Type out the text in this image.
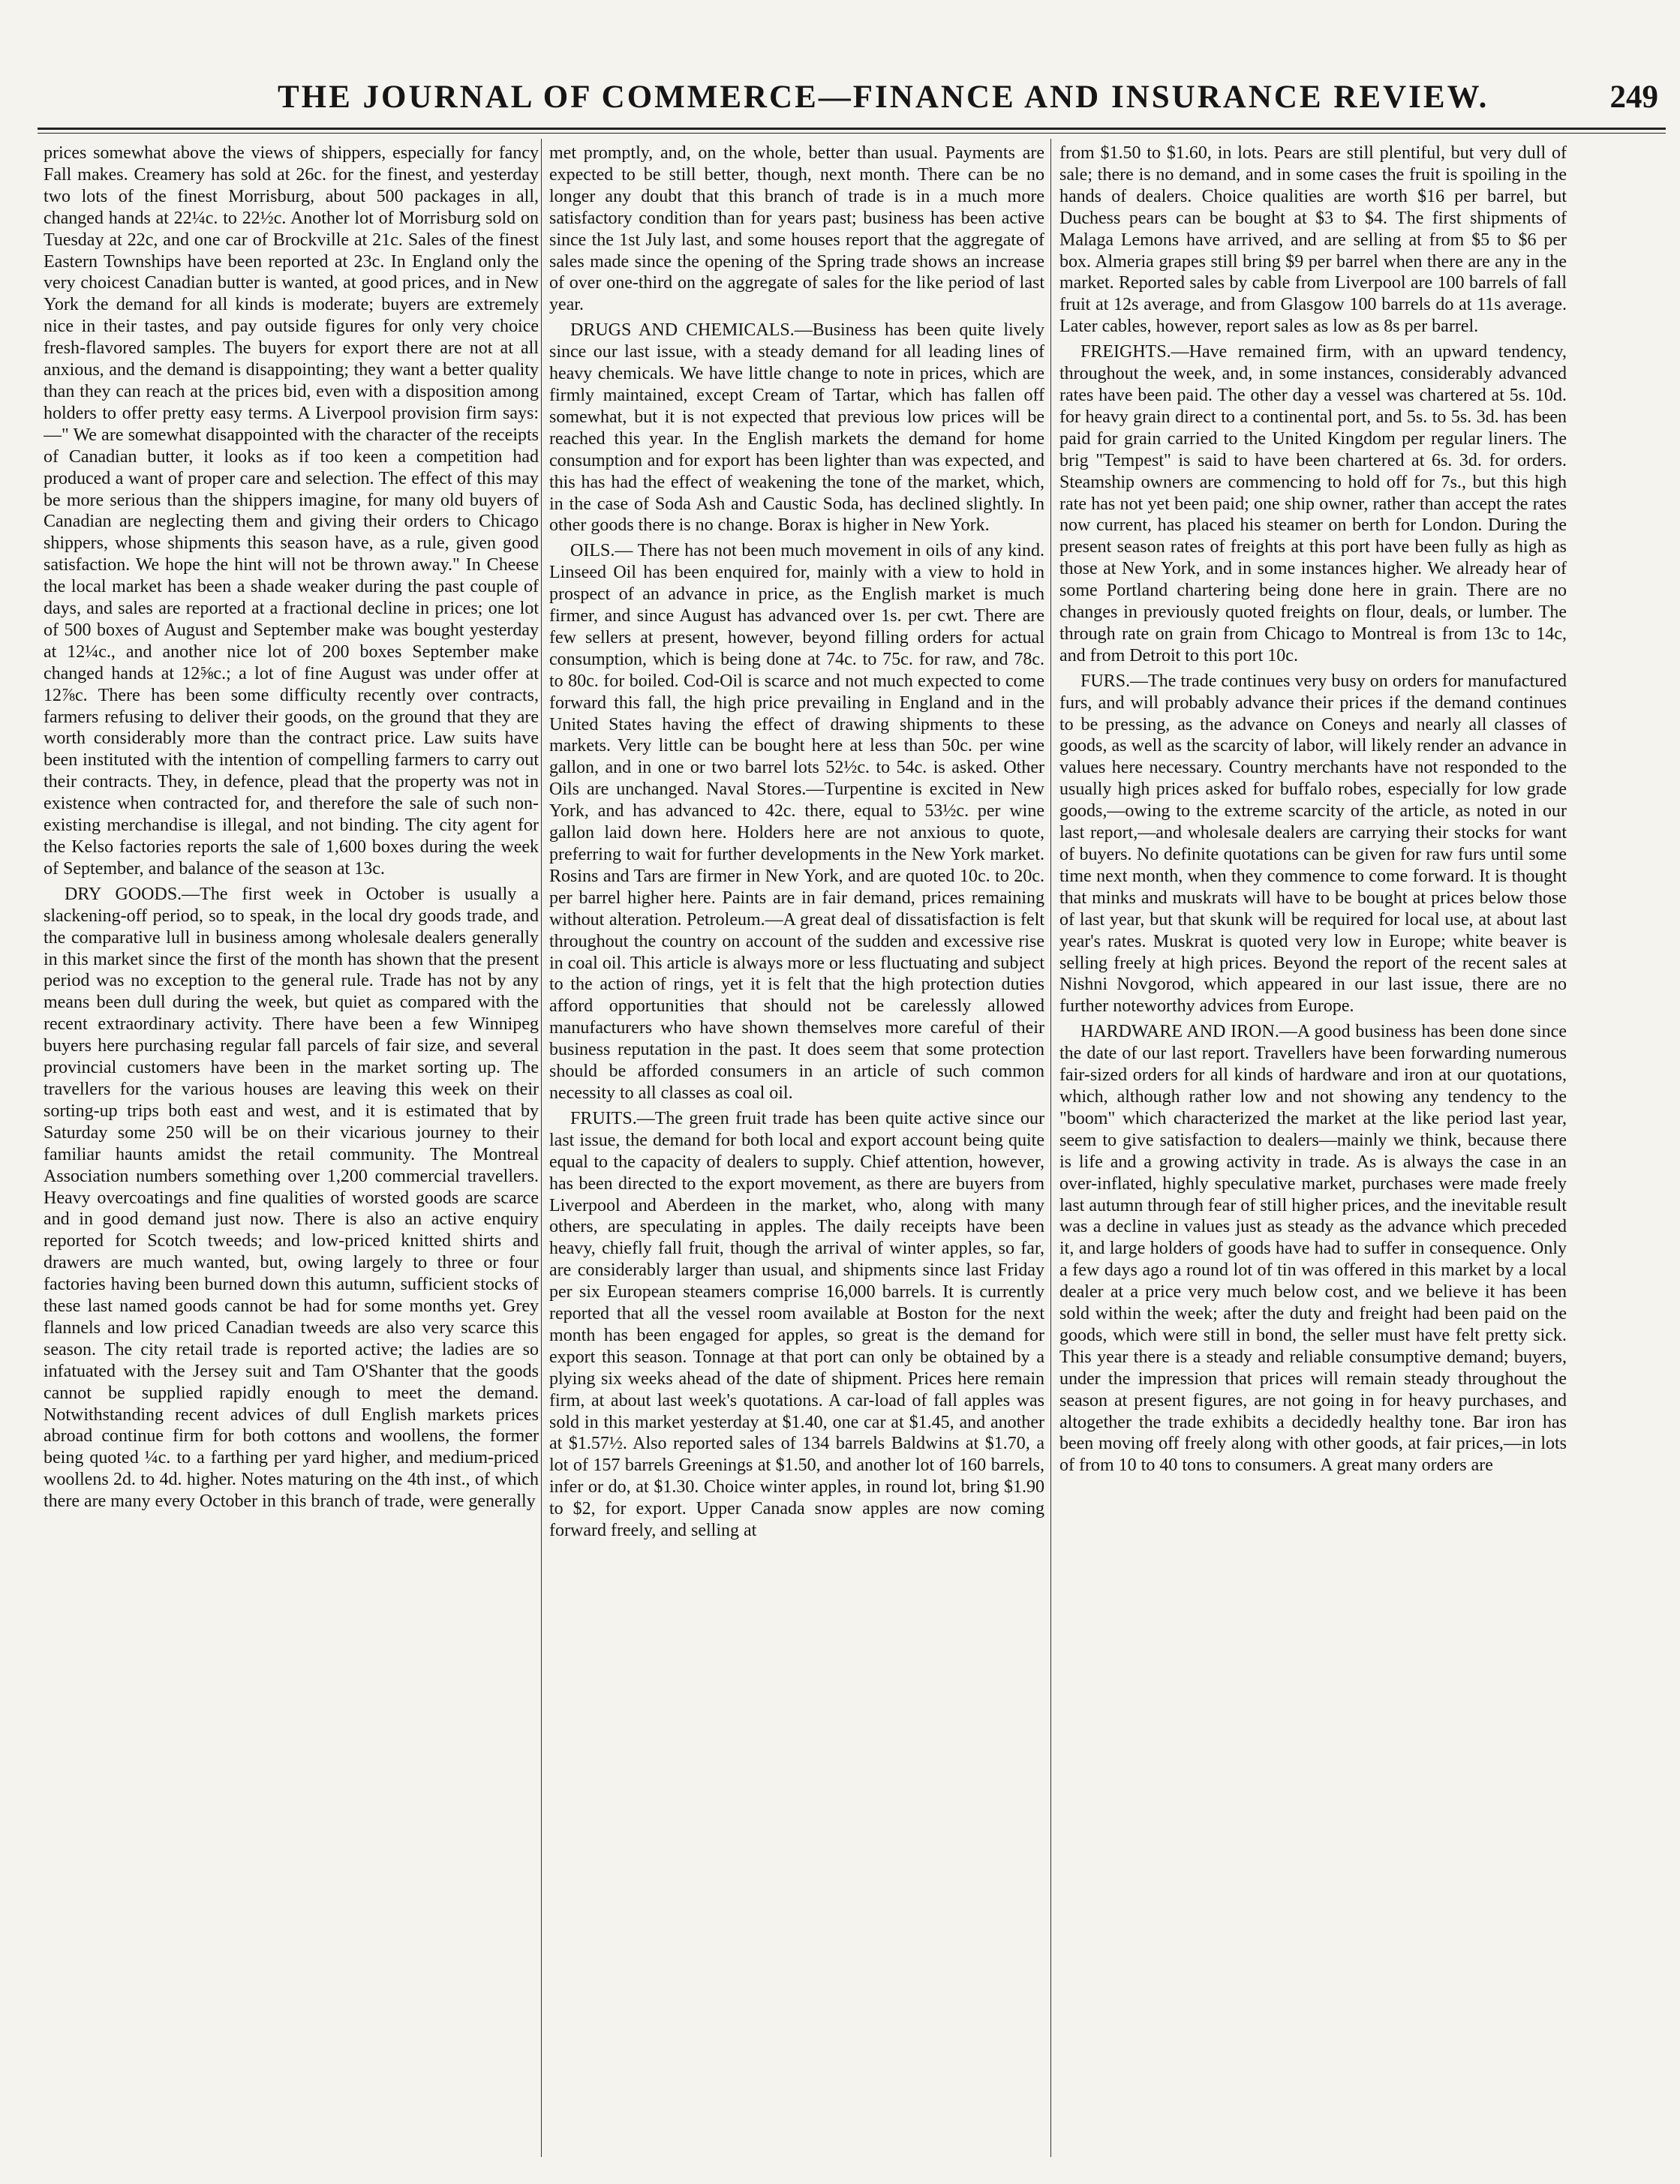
THE JOURNAL OF COMMERCE—FINANCE AND INSURANCE REVIEW.	249

prices somewhat above the views of shippers, especially for fancy Fall makes. Creamery has sold at 26c. for the finest, and yesterday two lots of the finest Morrisburg, about 500 packages in all, changed hands at 22¼c. to 22½c. Another lot of Morrisburg sold on Tuesday at 22c, and one car of Brockville at 21c. Sales of the finest Eastern Townships have been reported at 23c. In England only the very choicest Canadian butter is wanted, at good prices, and in New York the demand for all kinds is moderate; buyers are extremely nice in their tastes, and pay outside figures for only very choice fresh-flavored samples. The buyers for export there are not at all anxious, and the demand is disappointing; they want a better quality than they can reach at the prices bid, even with a disposition among holders to offer pretty easy terms. A Liverpool provision firm says:—" We are somewhat disappointed with the character of the receipts of Canadian butter, it looks as if too keen a competition had produced a want of proper care and selection. The effect of this may be more serious than the shippers imagine, for many old buyers of Canadian are neglecting them and giving their orders to Chicago shippers, whose shipments this season have, as a rule, given good satisfaction. We hope the hint will not be thrown away." In Cheese the local market has been a shade weaker during the past couple of days, and sales are reported at a fractional decline in prices; one lot of 500 boxes of August and September make was bought yesterday at 12¼c., and another nice lot of 200 boxes September make changed hands at 12⅝c.; a lot of fine August was under offer at 12⅞c. There has been some difficulty recently over contracts, farmers refusing to deliver their goods, on the ground that they are worth considerably more than the contract price. Law suits have been instituted with the intention of compelling farmers to carry out their contracts. They, in defence, plead that the property was not in existence when contracted for, and therefore the sale of such non-existing merchandise is illegal, and not binding. The city agent for the Kelso factories reports the sale of 1,600 boxes during the week of September, and balance of the season at 13c.

DRY GOODS.—The first week in October is usually a slackening-off period, so to speak, in the local dry goods trade, and the comparative lull in business among wholesale dealers generally in this market since the first of the month has shown that the present period was no exception to the general rule. Trade has not by any means been dull during the week, but quiet as compared with the recent extraordinary activity. There have been a few Winnipeg buyers here purchasing regular fall parcels of fair size, and several provincial customers have been in the market sorting up. The travellers for the various houses are leaving this week on their sorting-up trips both east and west, and it is estimated that by Saturday some 250 will be on their vicarious journey to their familiar haunts amidst the retail community. The Montreal Association numbers something over 1,200 commercial travellers. Heavy overcoatings and fine qualities of worsted goods are scarce and in good demand just now. There is also an active enquiry reported for Scotch tweeds; and low-priced knitted shirts and drawers are much wanted, but, owing largely to three or four factories having been burned down this autumn, sufficient stocks of these last named goods cannot be had for some months yet. Grey flannels and low priced Canadian tweeds are also very scarce this season. The city retail trade is reported active; the ladies are so infatuated with the Jersey suit and Tam O'Shanter that the goods cannot be supplied rapidly enough to meet the demand. Notwithstanding recent advices of dull English markets prices abroad continue firm for both cottons and woollens, the former being quoted ¼c. to a farthing per yard higher, and medium-priced woollens 2d. to 4d. higher. Notes maturing on the 4th inst., of which there are many every October in this branch of trade, were generally

met promptly, and, on the whole, better than usual. Payments are expected to be still better, though, next month. There can be no longer any doubt that this branch of trade is in a much more satisfactory condition than for years past; business has been active since the 1st July last, and some houses report that the aggregate of sales made since the opening of the Spring trade shows an increase of over one-third on the aggregate of sales for the like period of last year.

DRUGS AND CHEMICALS.—Business has been quite lively since our last issue, with a steady demand for all leading lines of heavy chemicals. We have little change to note in prices, which are firmly maintained, except Cream of Tartar, which has fallen off somewhat, but it is not expected that previous low prices will be reached this year. In the English markets the demand for home consumption and for export has been lighter than was expected, and this has had the effect of weakening the tone of the market, which, in the case of Soda Ash and Caustic Soda, has declined slightly. In other goods there is no change. Borax is higher in New York.

OILS.— There has not been much movement in oils of any kind. Linseed Oil has been enquired for, mainly with a view to hold in prospect of an advance in price, as the English market is much firmer, and since August has advanced over 1s. per cwt. There are few sellers at present, however, beyond filling orders for actual consumption, which is being done at 74c. to 75c. for raw, and 78c. to 80c. for boiled. Cod-Oil is scarce and not much expected to come forward this fall, the high price prevailing in England and in the United States having the effect of drawing shipments to these markets. Very little can be bought here at less than 50c. per wine gallon, and in one or two barrel lots 52½c. to 54c. is asked. Other Oils are unchanged. Naval Stores.—Turpentine is excited in New York, and has advanced to 42c. there, equal to 53½c. per wine gallon laid down here. Holders here are not anxious to quote, preferring to wait for further developments in the New York market. Rosins and Tars are firmer in New York, and are quoted 10c. to 20c. per barrel higher here. Paints are in fair demand, prices remaining without alteration. Petroleum.—A great deal of dissatisfaction is felt throughout the country on account of the sudden and excessive rise in coal oil. This article is always more or less fluctuating and subject to the action of rings, yet it is felt that the high protection duties afford opportunities that should not be carelessly allowed manufacturers who have shown themselves more careful of their business reputation in the past. It does seem that some protection should be afforded consumers in an article of such common necessity to all classes as coal oil.

FRUITS.—The green fruit trade has been quite active since our last issue, the demand for both local and export account being quite equal to the capacity of dealers to supply. Chief attention, however, has been directed to the export movement, as there are buyers from Liverpool and Aberdeen in the market, who, along with many others, are speculating in apples. The daily receipts have been heavy, chiefly fall fruit, though the arrival of winter apples, so far, are considerably larger than usual, and shipments since last Friday per six European steamers comprise 16,000 barrels. It is currently reported that all the vessel room available at Boston for the next month has been engaged for apples, so great is the demand for export this season. Tonnage at that port can only be obtained by a plying six weeks ahead of the date of shipment. Prices here remain firm, at about last week's quotations. A car-load of fall apples was sold in this market yesterday at $1.40, one car at $1.45, and another at $1.57½. Also reported sales of 134 barrels Baldwins at $1.70, a lot of 157 barrels Greenings at $1.50, and another lot of 160 barrels, infer or do, at $1.30. Choice winter apples, in round lot, bring $1.90 to $2, for export. Upper Canada snow apples are now coming forward freely, and selling at

from $1.50 to $1.60, in lots. Pears are still plentiful, but very dull of sale; there is no demand, and in some cases the fruit is spoiling in the hands of dealers. Choice qualities are worth $16 per barrel, but Duchess pears can be bought at $3 to $4. The first shipments of Malaga Lemons have arrived, and are selling at from $5 to $6 per box. Almeria grapes still bring $9 per barrel when there are any in the market. Reported sales by cable from Liverpool are 100 barrels of fall fruit at 12s average, and from Glasgow 100 barrels do at 11s average. Later cables, however, report sales as low as 8s per barrel.

FREIGHTS.—Have remained firm, with an upward tendency, throughout the week, and, in some instances, considerably advanced rates have been paid. The other day a vessel was chartered at 5s. 10d. for heavy grain direct to a continental port, and 5s. to 5s. 3d. has been paid for grain carried to the United Kingdom per regular liners. The brig "Tempest" is said to have been chartered at 6s. 3d. for orders. Steamship owners are commencing to hold off for 7s., but this high rate has not yet been paid; one ship owner, rather than accept the rates now current, has placed his steamer on berth for London. During the present season rates of freights at this port have been fully as high as those at New York, and in some instances higher. We already hear of some Portland chartering being done here in grain. There are no changes in previously quoted freights on flour, deals, or lumber. The through rate on grain from Chicago to Montreal is from 13c to 14c, and from Detroit to this port 10c.

FURS.—The trade continues very busy on orders for manufactured furs, and will probably advance their prices if the demand continues to be pressing, as the advance on Coneys and nearly all classes of goods, as well as the scarcity of labor, will likely render an advance in values here necessary. Country merchants have not responded to the usually high prices asked for buffalo robes, especially for low grade goods,—owing to the extreme scarcity of the article, as noted in our last report,—and wholesale dealers are carrying their stocks for want of buyers. No definite quotations can be given for raw furs until some time next month, when they commence to come forward. It is thought that minks and muskrats will have to be bought at prices below those of last year, but that skunk will be required for local use, at about last year's rates. Muskrat is quoted very low in Europe; white beaver is selling freely at high prices. Beyond the report of the recent sales at Nishni Novgorod, which appeared in our last issue, there are no further noteworthy advices from Europe.

HARDWARE AND IRON.—A good business has been done since the date of our last report. Travellers have been forwarding numerous fair-sized orders for all kinds of hardware and iron at our quotations, which, although rather low and not showing any tendency to the "boom" which characterized the market at the like period last year, seem to give satisfaction to dealers—mainly we think, because there is life and a growing activity in trade. As is always the case in an over-inflated, highly speculative market, purchases were made freely last autumn through fear of still higher prices, and the inevitable result was a decline in values just as steady as the advance which preceded it, and large holders of goods have had to suffer in consequence. Only a few days ago a round lot of tin was offered in this market by a local dealer at a price very much below cost, and we believe it has been sold within the week; after the duty and freight had been paid on the goods, which were still in bond, the seller must have felt pretty sick. This year there is a steady and reliable consumptive demand; buyers, under the impression that prices will remain steady throughout the season at present figures, are not going in for heavy purchases, and altogether the trade exhibits a decidedly healthy tone. Bar iron has been moving off freely along with other goods, at fair prices,—in lots of from 10 to 40 tons to consumers. A great many orders are
